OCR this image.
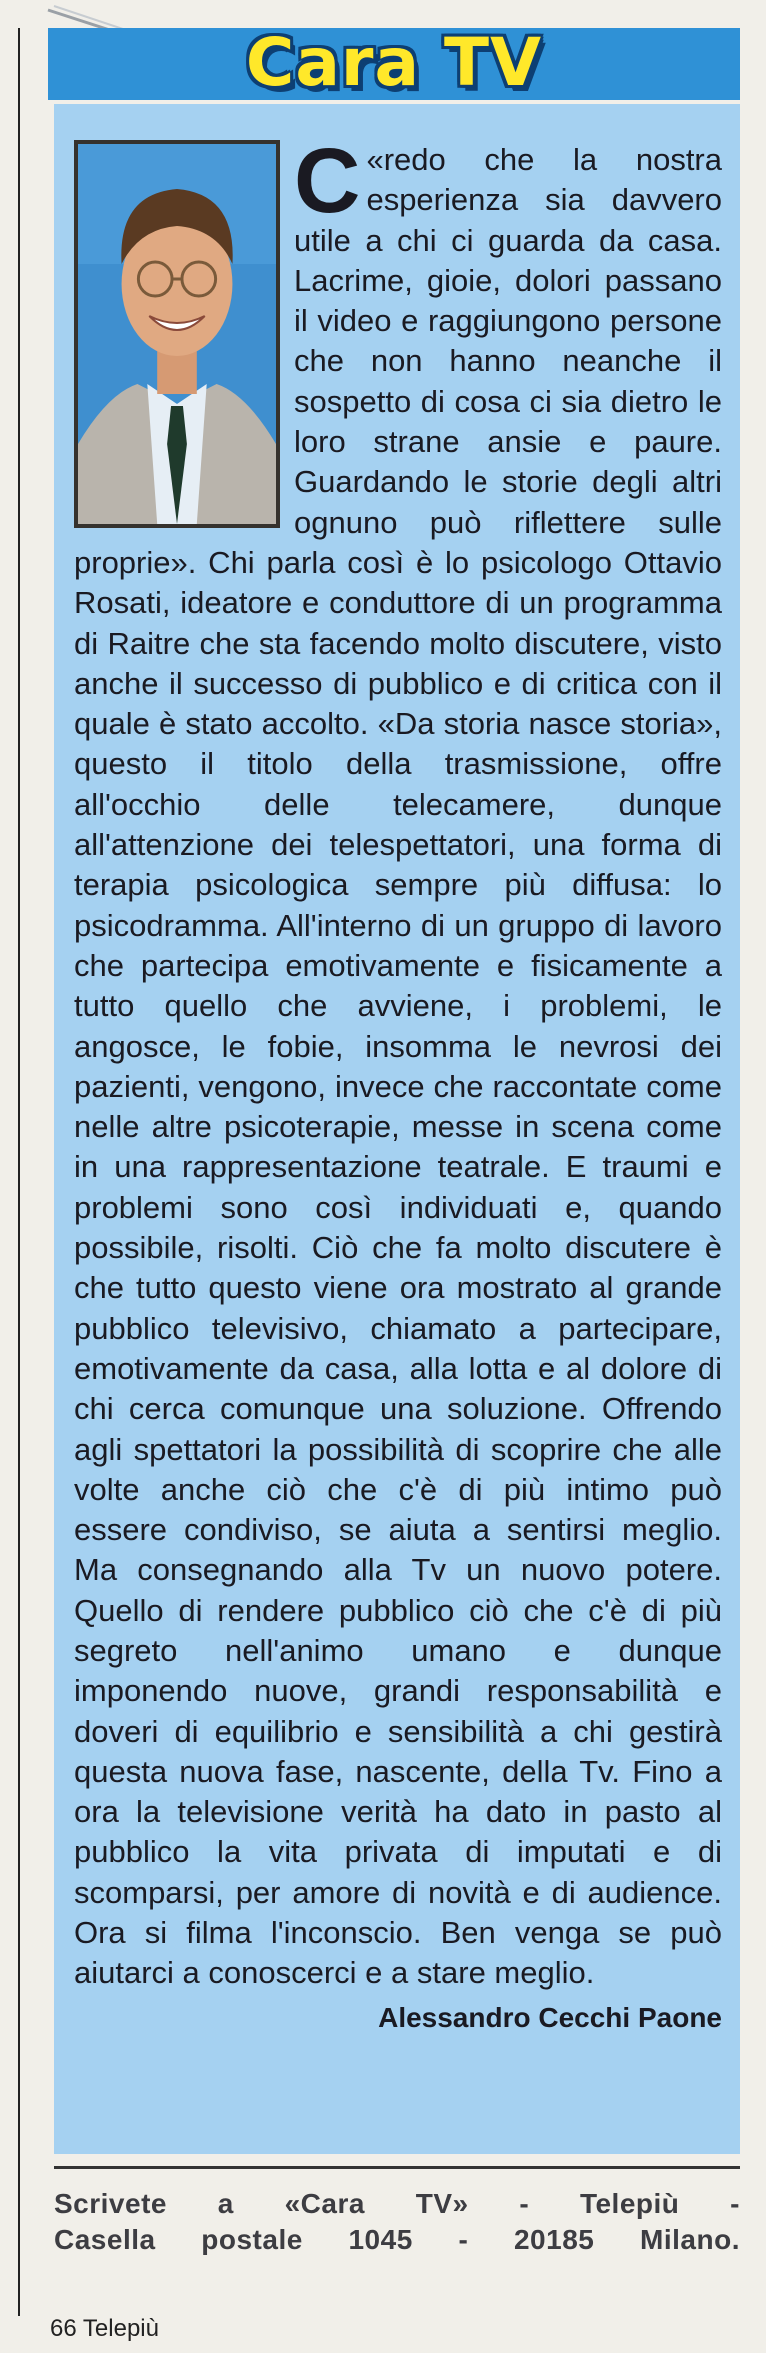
Cara TV

«
C redo che la nostra esperienza sia davvero utile a chi ci guarda da casa. Lacrime, gioie, dolori passano il video e raggiungono persone che non hanno neanche il sospetto di cosa ci sia dietro le loro strane ansie e paure. Guardando le storie degli altri ognuno può riflettere sulle proprie». Chi parla così è lo psicologo Ottavio Rosati, ideatore e conduttore di un programma di Raitre che sta facendo molto discutere, visto anche il successo di pubblico e di critica con il quale è stato accolto. «Da storia nasce storia», questo il titolo della trasmissione, offre all'occhio delle telecamere, dunque all'attenzione dei telespettatori, una forma di terapia psicologica sempre più diffusa: lo psicodramma. All'interno di un gruppo di lavoro che partecipa emotivamente e fisicamente a tutto quello che avviene, i problemi, le angosce, le fobie, insomma le nevrosi dei pazienti, vengono, invece che raccontate come nelle altre psicoterapie, messe in scena come in una rappresentazione teatrale. E traumi e problemi sono così individuati e, quando possibile, risolti. Ciò che fa molto discutere è che tutto questo viene ora mostrato al grande pubblico televisivo, chiamato a partecipare, emotivamente da casa, alla lotta e al dolore di chi cerca comunque una soluzione. Offrendo agli spettatori la possibilità di scoprire che alle volte anche ciò che c'è di più intimo può essere condiviso, se aiuta a sentirsi meglio. Ma consegnando alla Tv un nuovo potere. Quello di rendere pubblico ciò che c'è di più segreto nell'animo umano e dunque imponendo nuove, grandi responsabilità e doveri di equilibrio e sensibilità a chi gestirà questa nuova fase, nascente, della Tv. Fino a ora la televisione verità ha dato in pasto al pubblico la vita privata di imputati e di scomparsi, per amore di novità e di audience. Ora si filma l'inconscio. Ben venga se può aiutarci a conoscerci e a stare meglio.

Alessandro Cecchi Paone

Scrivete a «Cara TV» - Telepiù -
Casella postale 1045 - 20185 Milano.
66 Telepiù
